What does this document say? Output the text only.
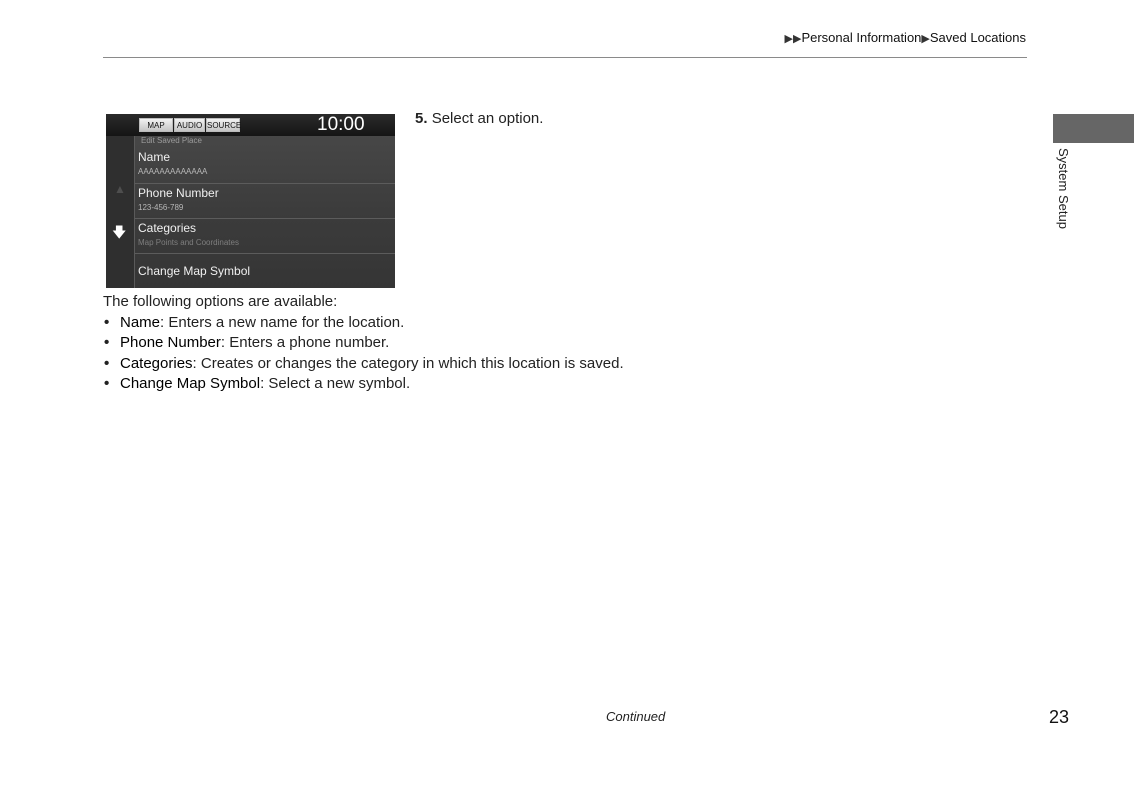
▶▶Personal Information▶Saved Locations
System Setup
MAP	AUDIO SOURCE	10:00
▲
🡇
Edit Saved Place
Name
AAAAAAAAAAAAA
Phone Number
123-456-789
Categories
Map Points and Coordinates
Change Map Symbol
5. Select an option.
The following options are available:
• Name: Enters a new name for the location.
• Phone Number: Enters a phone number.
• Categories: Creates or changes the category in which this location is saved.
• Change Map Symbol: Select a new symbol.
Continued	23
